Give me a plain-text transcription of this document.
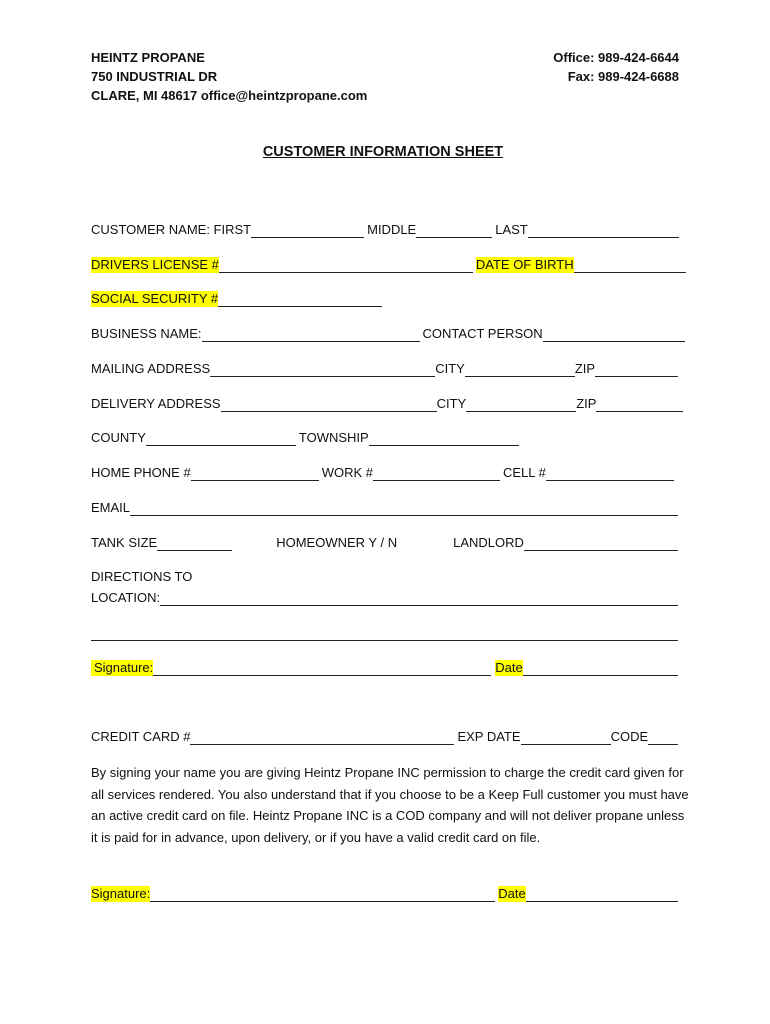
HEINTZ PROPANE
750 INDUSTRIAL DR
CLARE, MI 48617 office@heintzpropane.com
Office: 989-424-6644
Fax: 989-424-6688
CUSTOMER INFORMATION SHEET
CUSTOMER NAME: FIRST	MIDDLE	LAST
DRIVERS LICENSE #	DATE OF BIRTH
SOCIAL SECURITY #
BUSINESS NAME:	CONTACT PERSON
MAILING ADDRESS	CITY	ZIP
DELIVERY ADDRESS	CITY	ZIP
COUNTY	TOWNSHIP
HOME PHONE #	WORK #	CELL #
EMAIL
TANK SIZE	HOMEOWNER Y / N	LANDLORD
DIRECTIONS TO
LOCATION:
Signature:	Date
CREDIT CARD #	EXP DATE	CODE
By signing your name you are giving Heintz Propane INC permission to charge the credit card given for all services rendered. You also understand that if you choose to be a Keep Full customer you must have an active credit card on file. Heintz Propane INC is a COD company and will not deliver propane unless it is paid for in advance, upon delivery, or if you have a valid credit card on file.
Signature:	Date
